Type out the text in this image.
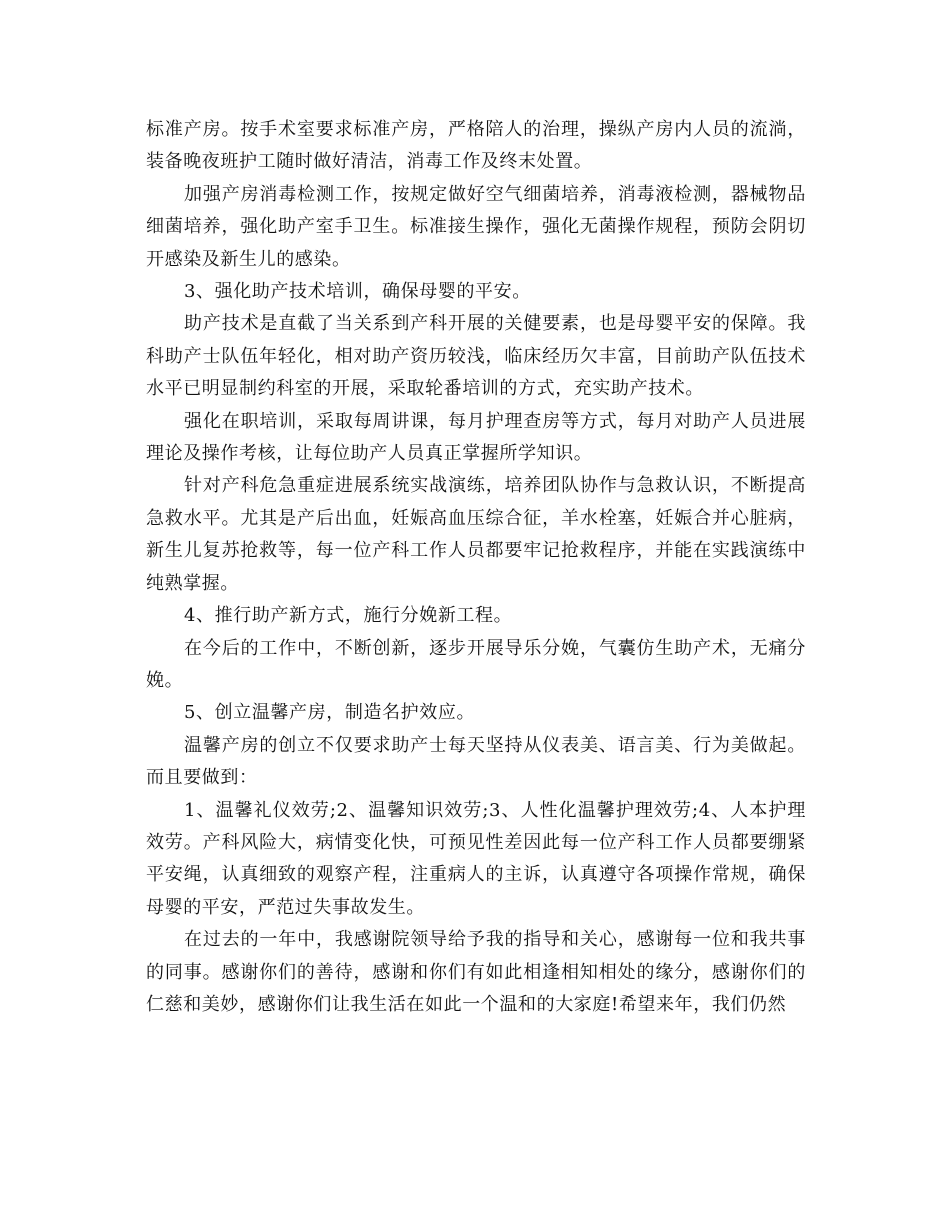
标准产房。按手术室要求标准产房，严格陪人的治理，操纵产房内人员的流淌，装备晚夜班护工随时做好清洁，消毒工作及终末处置。

加强产房消毒检测工作，按规定做好空气细菌培养，消毒液检测，器械物品细菌培养，强化助产室手卫生。标准接生操作，强化无菌操作规程，预防会阴切开感染及新生儿的感染。

3、强化助产技术培训，确保母婴的平安。

助产技术是直截了当关系到产科开展的关健要素，也是母婴平安的保障。我科助产士队伍年轻化，相对助产资历较浅，临床经历欠丰富，目前助产队伍技术水平已明显制约科室的开展，采取轮番培训的方式，充实助产技术。

强化在职培训，采取每周讲课，每月护理查房等方式，每月对助产人员进展理论及操作考核，让每位助产人员真正掌握所学知识。

针对产科危急重症进展系统实战演练，培养团队协作与急救认识，不断提高急救水平。尤其是产后出血，妊娠高血压综合征，羊水栓塞，妊娠合并心脏病，新生儿复苏抢救等，每一位产科工作人员都要牢记抢救程序，并能在实践演练中纯熟掌握。

4、推行助产新方式，施行分娩新工程。

在今后的工作中，不断创新，逐步开展导乐分娩，气囊仿生助产术，无痛分娩。

5、创立温馨产房，制造名护效应。

温馨产房的创立不仅要求助产士每天坚持从仪表美、语言美、行为美做起。而且要做到：

1、温馨礼仪效劳;2、温馨知识效劳;3、人性化温馨护理效劳;4、人本护理效劳。产科风险大，病情变化快，可预见性差因此每一位产科工作人员都要绷紧平安绳，认真细致的观察产程，注重病人的主诉，认真遵守各项操作常规，确保母婴的平安，严范过失事故发生。

在过去的一年中，我感谢院领导给予我的指导和关心，感谢每一位和我共事的同事。感谢你们的善待，感谢和你们有如此相逢相知相处的缘分，感谢你们的仁慈和美妙，感谢你们让我生活在如此一个温和的大家庭!希望来年，我们仍然
